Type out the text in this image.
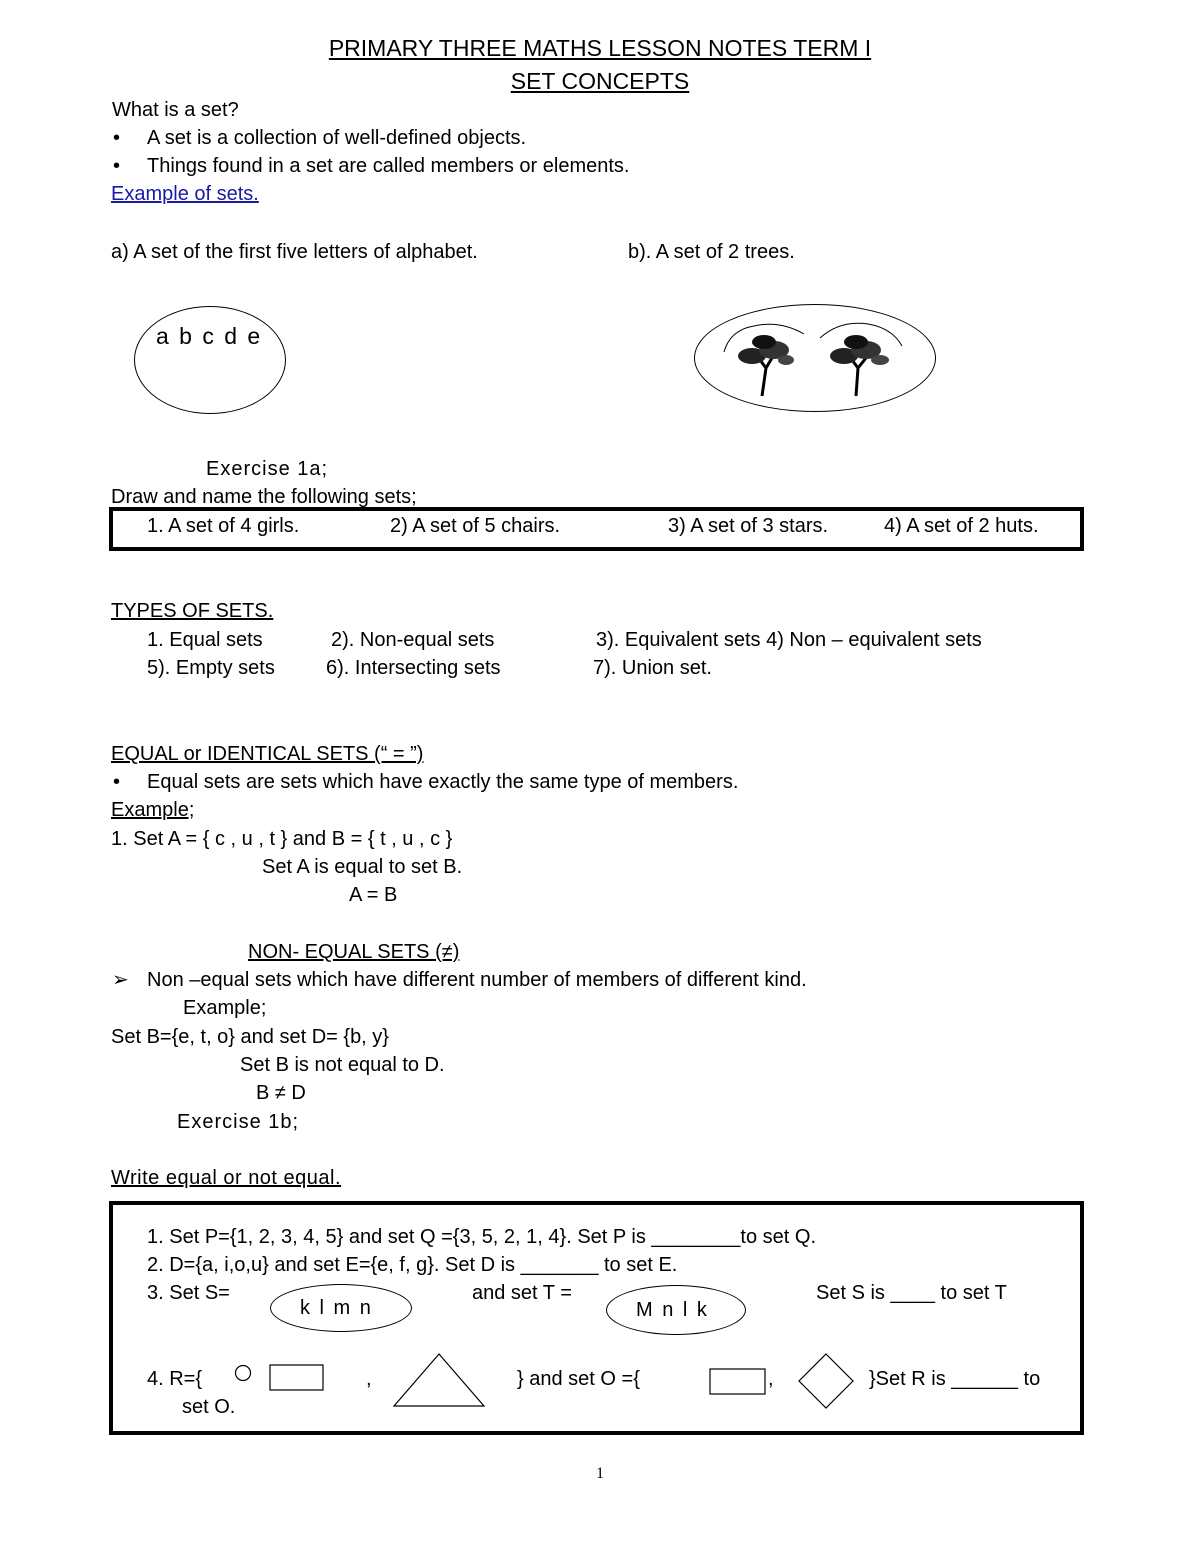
PRIMARY THREE MATHS LESSON NOTES TERM I
SET CONCEPTS
What is a set?
• A set is a collection of well-defined objects.
• Things found in a set are called members or elements.
Example of sets.
a) A set of the first five letters of alphabet.	b). A set of 2 trees.
a b c d e
Exercise 1a;
Draw and name the following sets;
1. A set of 4 girls.	2) A set of 5 chairs.	3) A set of 3 stars.	4) A set of 2 huts.
TYPES OF SETS.
1. Equal sets	2). Non-equal sets	3). Equivalent sets 4) Non – equivalent sets
5). Empty sets	6). Intersecting sets	7). Union set.
EQUAL or IDENTICAL SETS (“ = ”)
• Equal sets are sets which have exactly the same type of members.
Example;
1. Set A = { c , u , t } and B = { t , u , c }
Set A is equal to set B.
A = B
NON- EQUAL SETS (≠)
➢ Non –equal sets which have different number of members of different kind.
Example;
Set B={e, t, o} and set D= {b, y}
Set B is not equal to D.
B ≠ D
Exercise 1b;
Write equal or not equal.
1. Set P={1, 2, 3, 4, 5} and set Q ={3, 5, 2, 1, 4}. Set P is ________to set Q.
2. D={a, i,o,u} and set E={e, f, g}. Set D is _______ to set E.
3. Set S=
k l m n
and set T =
M n l k
Set S is ____ to set T
4. R={	,	} and set O ={	,	}Set R is ______ to
set O.
1
